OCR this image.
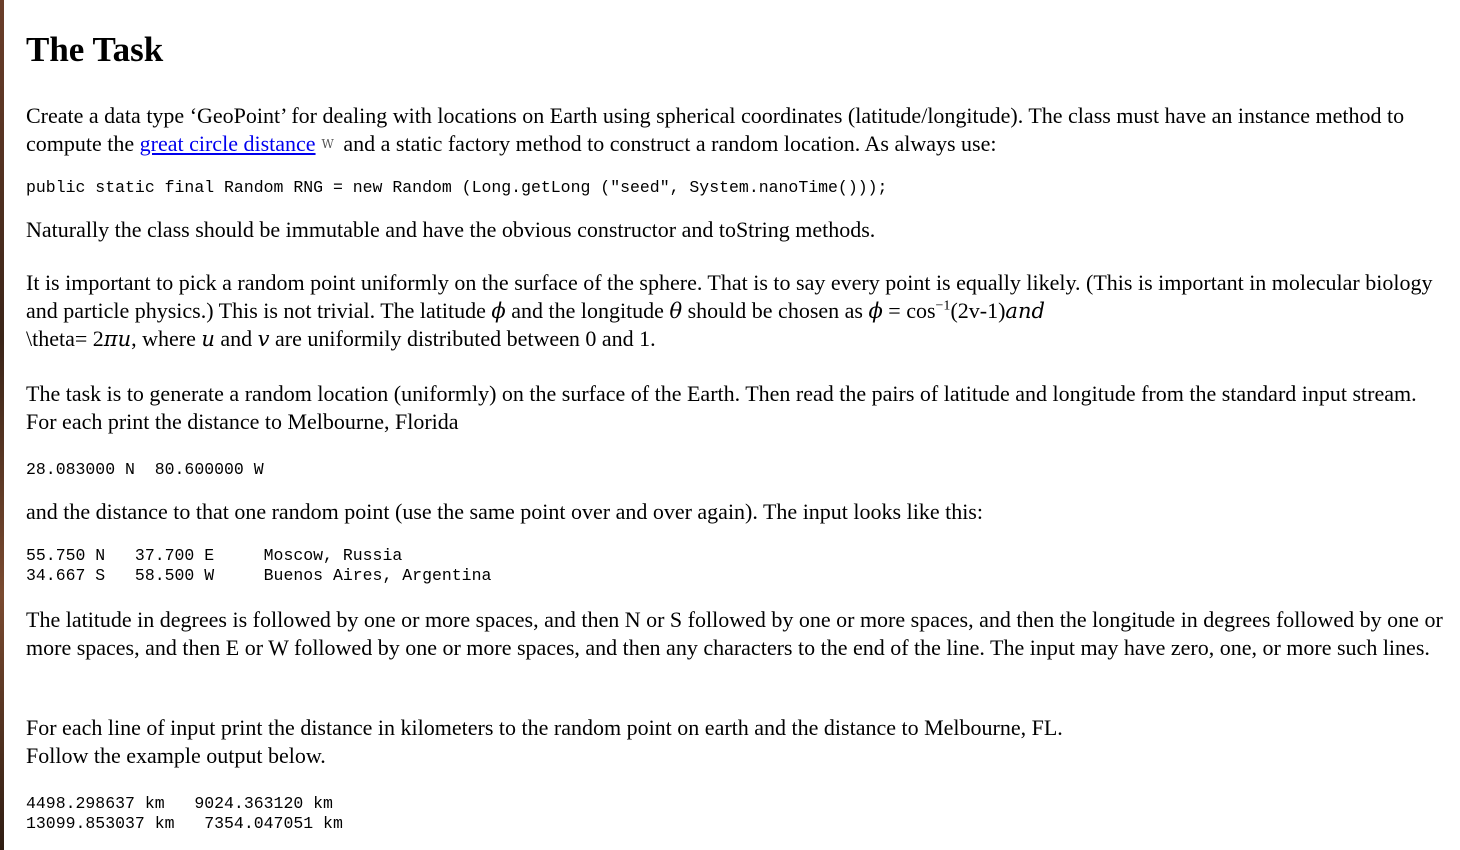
The Task

Create a data type ‘GeoPoint’ for dealing with locations on Earth using spherical coordinates (latitude/longitude). The class must have an instance method to compute the great circle distance W and a static factory method to construct a random location. As always use:

public static final Random RNG = new Random (Long.getLong ("seed", System.nanoTime()));

Naturally the class should be immutable and have the obvious constructor and toString methods.

It is important to pick a random point uniformly on the surface of the sphere. That is to say every point is equally likely. (This is important in molecular biology and particle physics.) This is not trivial. The latitude ϕ and the longitude θ should be chosen as $\phi = \cos^{-1}(2v-1)and$
\theta= 2πu, where u and v are uniformily distributed between 0 and 1.

The task is to generate a random location (uniformly) on the surface of the Earth. Then read the pairs of latitude and longitude from the standard input stream. For each print the distance to Melbourne, Florida

28.083000 N  80.600000 W

and the distance to that one random point (use the same point over and over again). The input looks like this:

55.750 N   37.700 E     Moscow, Russia
34.667 S   58.500 W     Buenos Aires, Argentina

The latitude in degrees is followed by one or more spaces, and then N or S followed by one or more spaces, and then the longitude in degrees followed by one or more spaces, and then E or W followed by one or more spaces, and then any characters to the end of the line. The input may have zero, one, or more such lines.

For each line of input print the distance in kilometers to the random point on earth and the distance to Melbourne, FL.
Follow the example output below.

4498.298637 km   9024.363120 km
13099.853037 km   7354.047051 km
